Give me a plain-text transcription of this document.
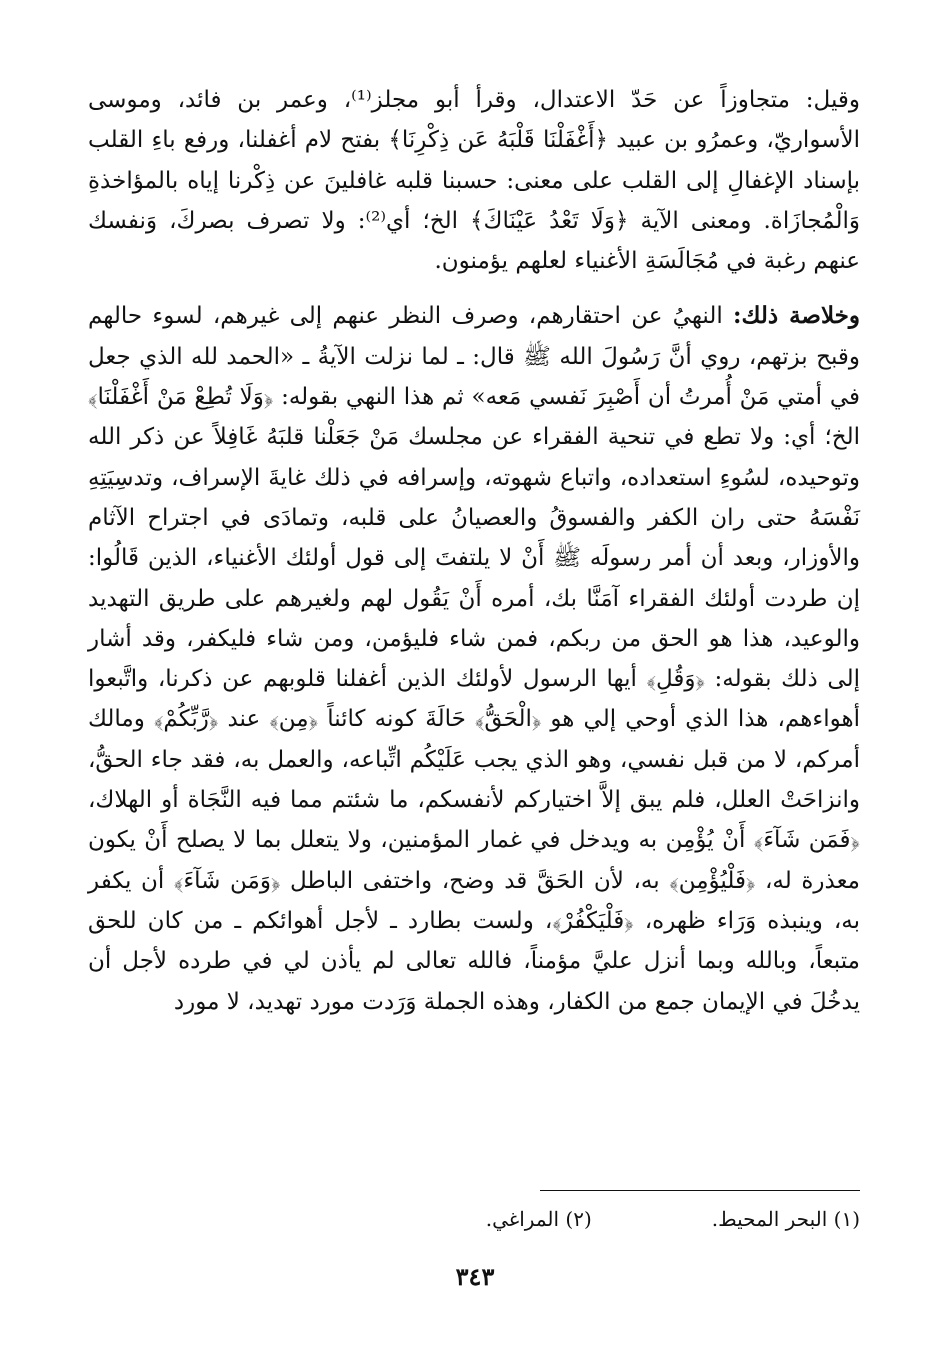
وقيل: متجاوزاً عن حَدّ الاعتدال، وقرأ أبو مجلز⁽¹⁾، وعمر بن فائد، وموسى الأسواريّ، وعمرُو بن عبيد ﴿أَغْفَلْنَا قَلْبَهُ عَن ذِكْرِنَا﴾ بفتح لام أغفلنا، ورفع باءِ القلب بإسناد الإغفالِ إلى القلب على معنى: حسبنا قلبه غافلينَ عن ذِكْرنا إياه بالمؤاخذةِ وَالْمُجازَاة. ومعنى الآية ﴿وَلَا تَعْدُ عَيْنَاكَ﴾ الخ؛ أي⁽²⁾: ولا تصرف بصركَ، وَنفسك عنهم رغبة في مُجَالَسَةِ الأغنياء لعلهم يؤمنون.

وخلاصة ذلك: النهيُ عن احتقارهم، وصرف النظر عنهم إلى غيرهم، لسوء حالهم وقبح بزتهم، روي أنَّ رَسُولَ الله ﷺ قال: ـ لما نزلت الآيةُ ـ «الحمد لله الذي جعل في أمتي مَنْ أُمرتُ أن أَصْبِرَ نَفسي مَعه» ثم هذا النهي بقوله: ﴿وَلَا تُطِعْ مَنْ أَغْفَلْنَا﴾ الخ؛ أي: ولا تطع في تنحية الفقراء عن مجلسك مَنْ جَعَلْنا قلبَهُ غَافِلاً عن ذكر الله وتوحيده، لسُوءِ استعداده، واتباع شهوته، وإسرافه في ذلك غايةَ الإسراف، وتدسِيَتِهِ نَفْسَهُ حتى ران الكفر والفسوقُ والعصيانُ على قلبه، وتمادَى في اجتراح الآثام والأوزار، وبعد أن أمر رسولَه ﷺ أَنْ لا يلتفتَ إلى قول أولئك الأغنياء، الذين قَالُوا: إن طردت أولئك الفقراء آمَنَّا بك، أمره أَنْ يَقُول لهم ولغيرهم على طريق التهديد والوعيد، هذا هو الحق من ربكم، فمن شاء فليؤمن، ومن شاء فليكفر، وقد أشار إلى ذلك بقوله: ﴿وَقُلِ﴾ أيها الرسول لأولئك الذين أغفلنا قلوبهم عن ذكرنا، واتَّبعوا أهواءهم، هذا الذي أوحي إلي هو ﴿الْحَقُّ﴾ حَالَةَ كونه كائناً ﴿مِن﴾ عند ﴿رَّبِّكُمْ﴾ ومالك أمركم، لا من قبل نفسي، وهو الذي يجب عَلَيْكُم اتِّباعه، والعمل به، فقد جاء الحقُّ، وانزاحَتْ العلل، فلم يبق إلاَّ اختياركم لأنفسكم، ما شئتم مما فيه النَّجَاة أو الهلاك، ﴿فَمَن شَآءَ﴾ أَنْ يُؤْمِن به ويدخل في غمار المؤمنين، ولا يتعلل بما لا يصلح أَنْ يكون معذرة له، ﴿فَلْيُؤْمِن﴾ به، لأن الحَقَّ قد وضح، واختفى الباطل ﴿وَمَن شَآءَ﴾ أن يكفر به، وينبذه وَرَاء ظهره، ﴿فَلْيَكْفُرْ﴾، ولست بطارد ـ لأجل أهوائكم ـ من كان للحق متبعاً، وبالله وبما أنزل عليَّ مؤمناً، فالله تعالى لم يأذن لي في طرده لأجل أن يدخُلَ في الإيمان جمع من الكفار، وهذه الجملة وَرَدت مورد تهديد، لا مورد

(١) البحر المحيط.
(٢) المراغي.
٣٤٣
